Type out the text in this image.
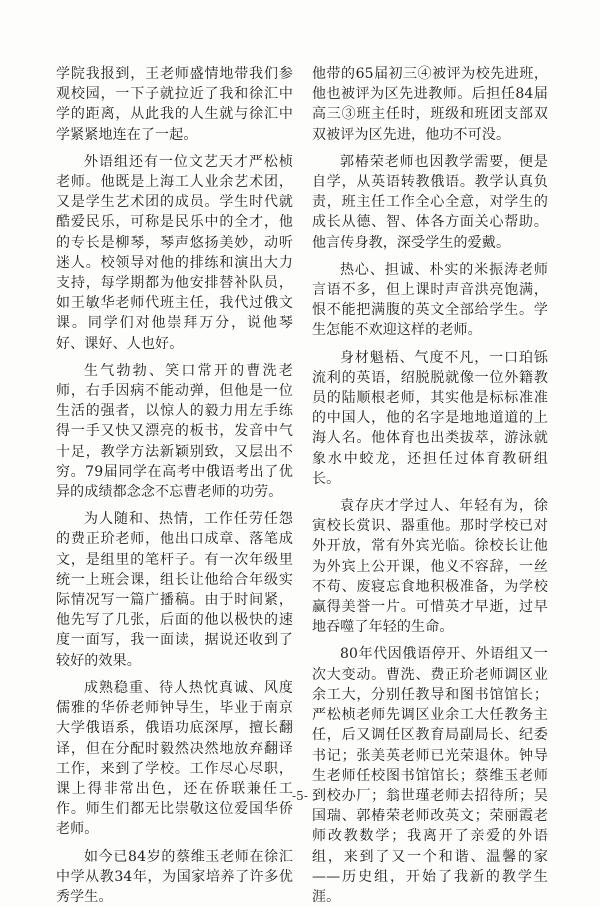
学院我报到，王老师盛情地带我们参观校园，一下子就拉近了我和徐汇中学的距离，从此我的人生就与徐汇中学紧紧地连在了一起。

外语组还有一位文艺天才严松桢老师。他既是上海工人业余艺术团，又是学生艺术团的成员。学生时代就酷爱民乐，可称是民乐中的全才，他的专长是柳琴，琴声悠扬美妙，动听迷人。校领导对他的排练和演出大力支持，每学期都为他安排替补队员，如王敏华老师代班主任，我代过俄文课。同学们对他崇拜万分，说他琴好、课好、人也好。

生气勃勃、笑口常开的曹洗老师，右手因病不能动弹，但他是一位生活的强者，以惊人的毅力用左手练得一手又快又漂亮的板书，发音中气十足，教学方法新颖别致，又层出不穷。79届同学在高考中俄语考出了优异的成绩都念念不忘曹老师的功劳。

为人随和、热情，工作任劳任怨的费正玠老师，他出口成章、落笔成文，是组里的笔杆子。有一次年级里统一上班会课，组长让他给合年级实际情况写一篇广播稿。由于时间紧，他先写了几张，后面的他以极快的速度一面写，我一面读，据说还收到了较好的效果。

成熟稳重、待人热忱真诚、风度儒雅的华侨老师钟导生，毕业于南京大学俄语系，俄语功底深厚，擅长翻译，但在分配时毅然决然地放弃翻译工作，来到了学校。工作尽心尽职，课上得非常出色，还在侨联兼任工作。师生们都无比崇敬这位爱国华侨老师。

如今已84岁的蔡维玉老师在徐汇中学从教34年，为国家培养了许多优秀学生。

他带的65届初三④被评为校先进班，他也被评为区先进教师。后担任84届高三③班主任时，班级和班团支部双双被评为区先进，他功不可没。

郭椿荣老师也因教学需要，便是自学，从英语转教俄语。教学认真负责，班主任工作全心全意，对学生的成长从德、智、体各方面关心帮助。他言传身教，深受学生的爱戴。

热心、担诚、朴实的米振涛老师言语不多，但上课时声音洪亮饱满，恨不能把满腹的英文全部给学生。学生怎能不欢迎这样的老师。

身材魁梧、气度不凡，一口珀铄流利的英语，绍脱脱就像一位外籍教员的陆顺根老师，其实他是标标准准的中国人，他的名字是地地道道的上海人名。他体育也出类拔萃，游泳就象水中蛟龙，还担任过体育教研组长。

袁存庆才学过人、年轻有为，徐寅校长赏识、器重他。那时学校已对外开放，常有外宾光临。徐校长让他为外宾上公开课，他义不容辞，一丝不苟、废寝忘食地积极准备，为学校赢得美誉一片。可惜英才早逝，过早地吞噬了年轻的生命。

80年代因俄语停开、外语组又一次大变动。曹洗、费正玠老师调区业余工大，分别任教导和图书馆馆长；严松桢老师先调区业余工大任教务主任，后又调任区教育局副局长、纪委书记；张美英老师已光荣退休。钟导生老师任校图书馆馆长；蔡维玉老师到校办厂；翁世瑾老师去招待所；吴国瑞、郭椿荣老师改英文；荣丽霞老师改教数学；我离开了亲爱的外语组，来到了又一个和谐、温馨的家——历史组，开始了我新的教学生涯。

-5-
